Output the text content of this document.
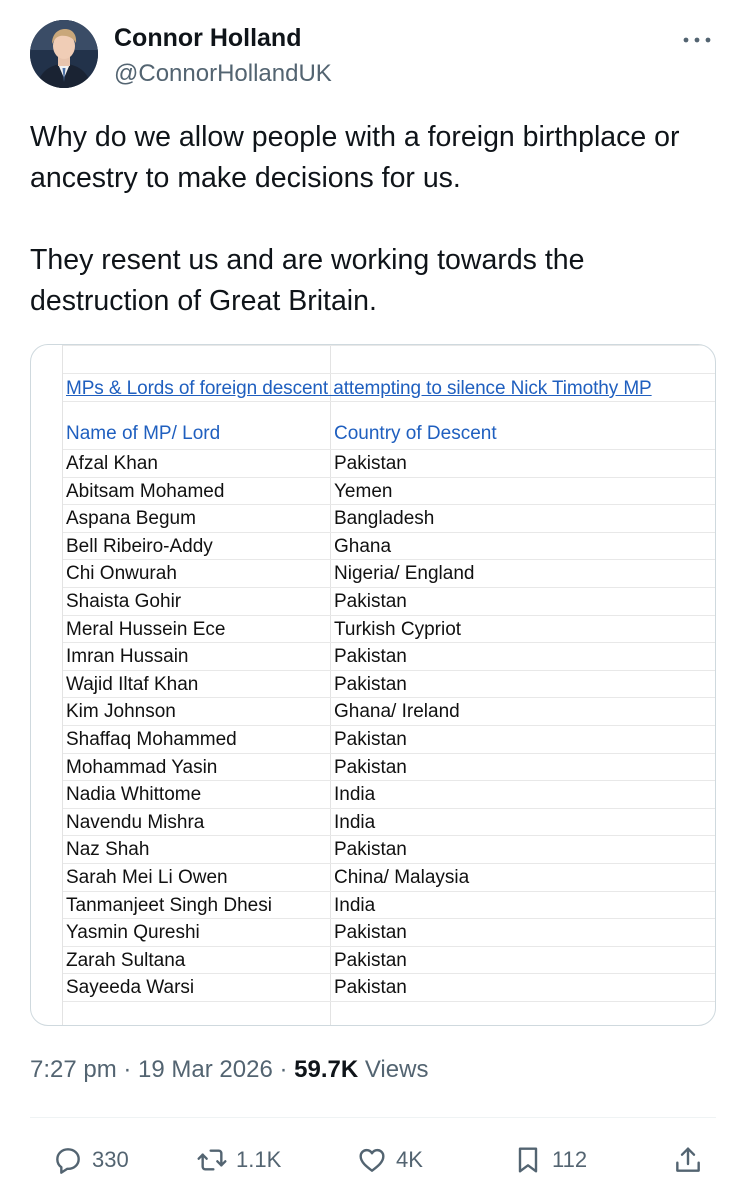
Connor Holland
@ConnorHollandUK

Why do we allow people with a foreign birthplace or ancestry to make decisions for us.

They resent us and are working towards the destruction of Great Britain.

MPs & Lords of foreign descent attempting to silence Nick Timothy MP
Name of MP/ Lord	Country of Descent
Afzal Khan	Pakistan
Abitsam Mohamed	Yemen
Aspana Begum	Bangladesh
Bell Ribeiro-Addy	Ghana
Chi Onwurah	Nigeria/ England
Shaista Gohir	Pakistan
Meral Hussein Ece	Turkish Cypriot
Imran Hussain	Pakistan
Wajid Iltaf Khan	Pakistan
Kim Johnson	Ghana/ Ireland
Shaffaq Mohammed	Pakistan
Mohammad Yasin	Pakistan
Nadia Whittome	India
Navendu Mishra	India
Naz Shah	Pakistan
Sarah Mei Li Owen	China/ Malaysia
Tanmanjeet Singh Dhesi	India
Yasmin Qureshi	Pakistan
Zarah Sultana	Pakistan
Sayeeda Warsi	Pakistan
7:27 pm · 19 Mar 2026 · 59.7K Views
330	1.1K	4K	112
